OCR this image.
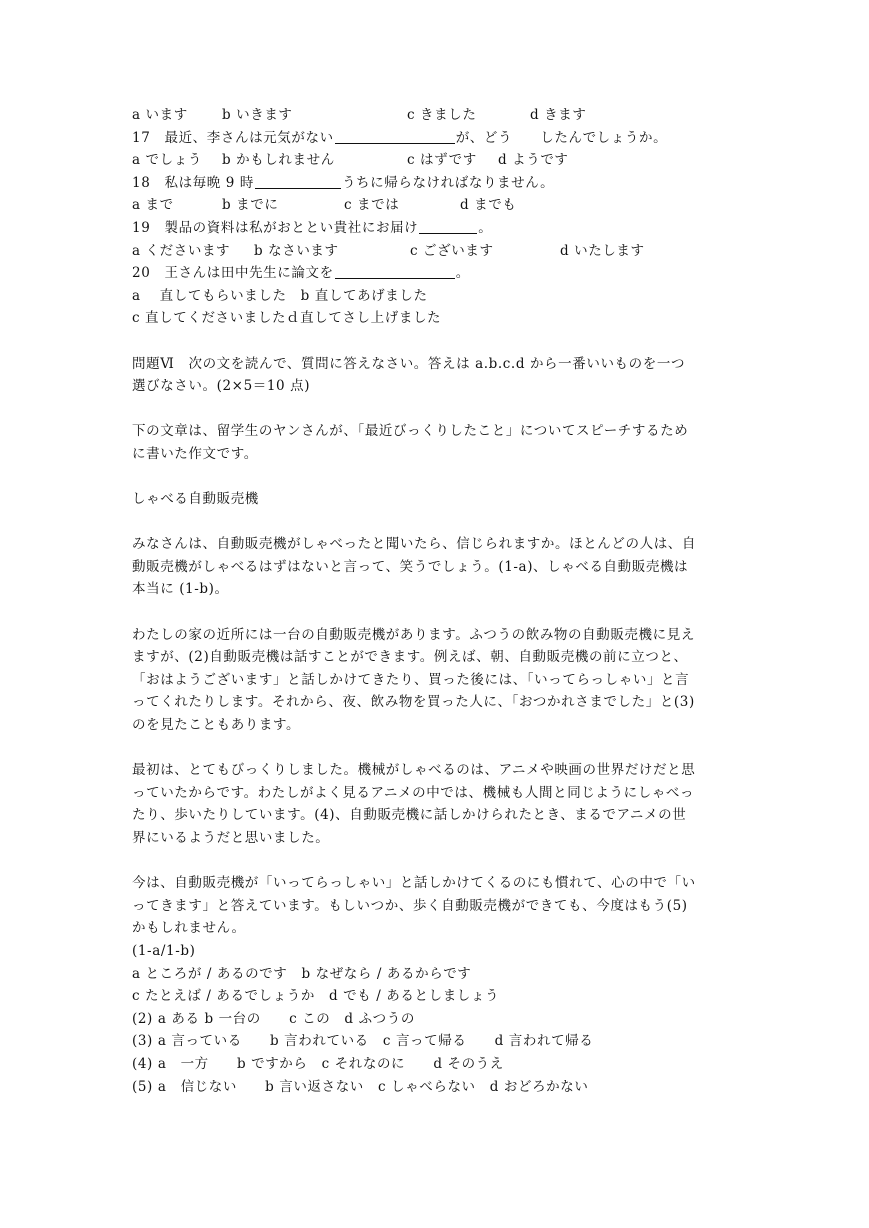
a います	b いきます	c きました	d きます
17　最近、李さんは元気がない	が、どう　　したんでしょうか。
a でしょう b かもしれません	c はずです d ようです
18　私は毎晩 9 時	うちに帰らなければなりません。
a まで	b までに	c までは	d までも
19　製品の資料は私がおととい貴社にお届け	。
a くださいます b なさいます	c ございます	d いたします
20　王さんは田中先生に論文を	。
a　 直してもらいました　b 直してあげました
c 直してくださいましたｄ直してさし上げました
問題Ⅵ　次の文を読んで、質問に答えなさい。答えは a.b.c.d から一番いいものを一つ
選びなさい。(2×5＝10 点)
下の文章は、留学生のヤンさんが、「最近びっくりしたこと」についてスピーチするため
に書いた作文です。
しゃべる自動販売機
みなさんは、自動販売機がしゃべったと聞いたら、信じられますか。ほとんどの人は、自
動販売機がしゃべるはずはないと言って、笑うでしょう。(1-a)、しゃべる自動販売機は
本当に (1-b)。
わたしの家の近所には一台の自動販売機があります。ふつうの飲み物の自動販売機に見え
ますが、(2)自動販売機は話すことができます。例えば、朝、自動販売機の前に立つと、
「おはようございます」と話しかけてきたり、買った後には、「いってらっしゃい」と言
ってくれたりします。それから、夜、飲み物を買った人に、「おつかれさまでした」と(3)
のを見たこともあります。
最初は、とてもびっくりしました。機械がしゃべるのは、アニメや映画の世界だけだと思
っていたからです。わたしがよく見るアニメの中では、機械も人間と同じようにしゃべっ
たり、歩いたりしています。(4)、自動販売機に話しかけられたとき、まるでアニメの世
界にいるようだと思いました。
今は、自動販売機が「いってらっしゃい」と話しかけてくるのにも慣れて、心の中で「い
ってきます」と答えています。もしいつか、歩く自動販売機ができても、今度はもう(5)
かもしれません。
(1-a/1-b)
a ところが / あるのです　b なぜなら / あるからです
c たとえば / あるでしょうか　d でも / あるとしましょう
(2) a ある b 一台の　　c この　d ふつうの
(3) a 言っている　　b 言われている　c 言って帰る　　d 言われて帰る
(4) a　一方　　b ですから　c それなのに　　d そのうえ
(5) a　信じない　　b 言い返さない　c しゃべらない　d おどろかない
